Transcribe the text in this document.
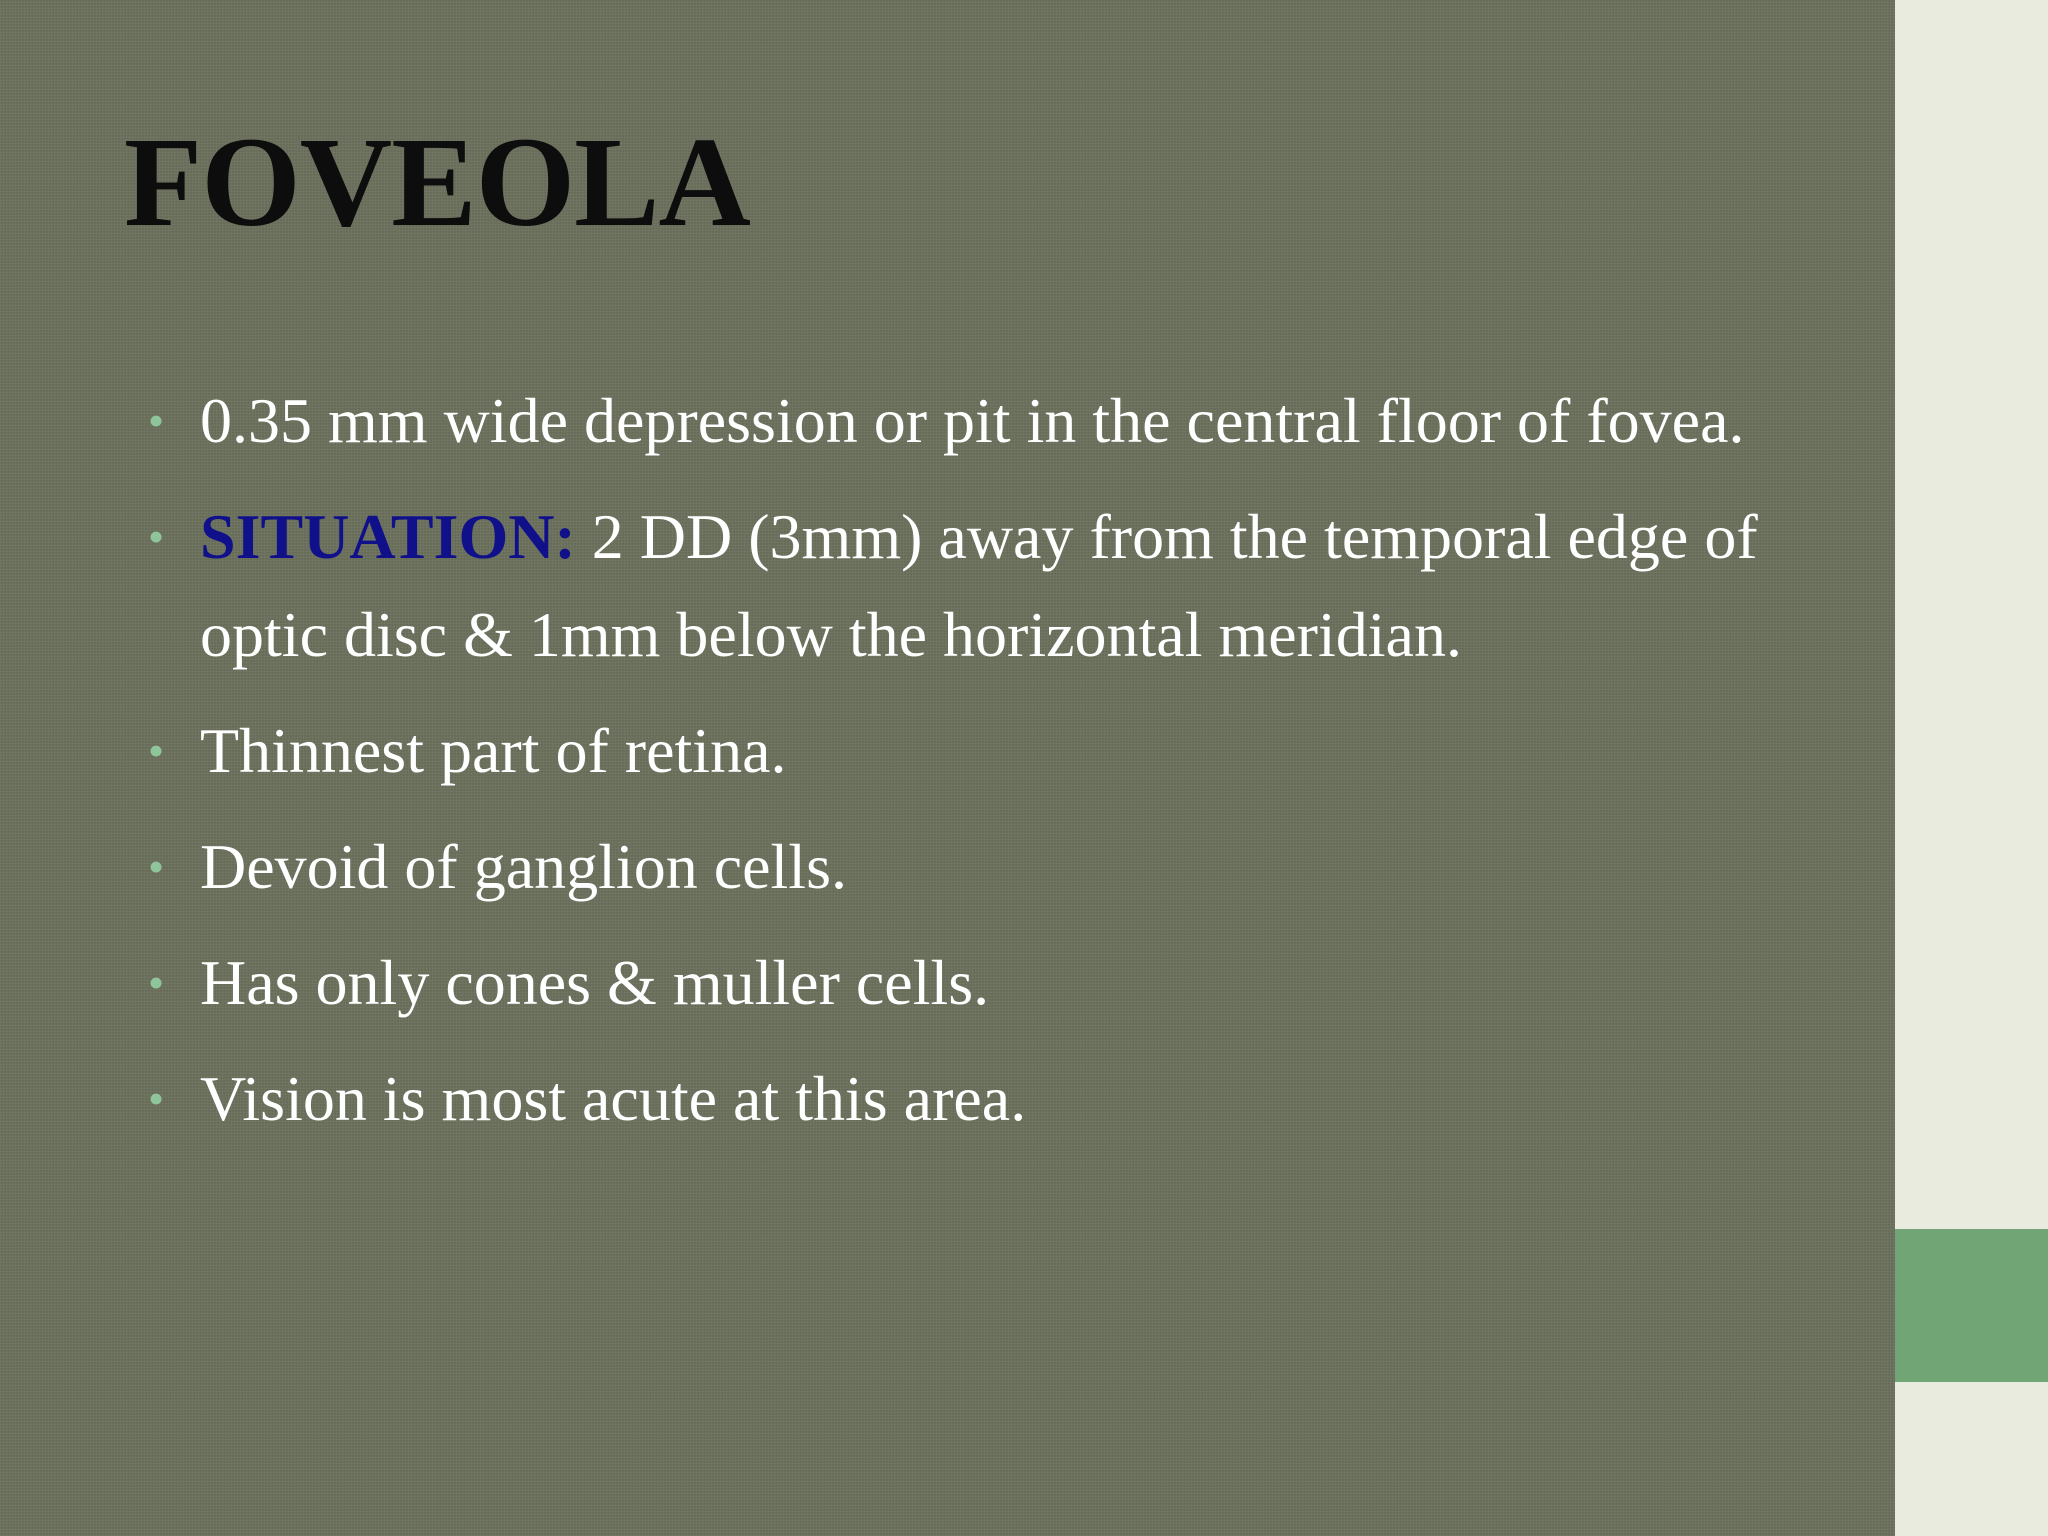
FOVEOLA
• 0.35 mm wide depression or pit in the central floor of fovea.
• SITUATION: 2 DD (3mm) away from the temporal edge of optic disc & 1mm below the horizontal meridian.
• Thinnest part of retina.
• Devoid of ganglion cells.
• Has only cones & muller cells.
• Vision is most acute at this area.
